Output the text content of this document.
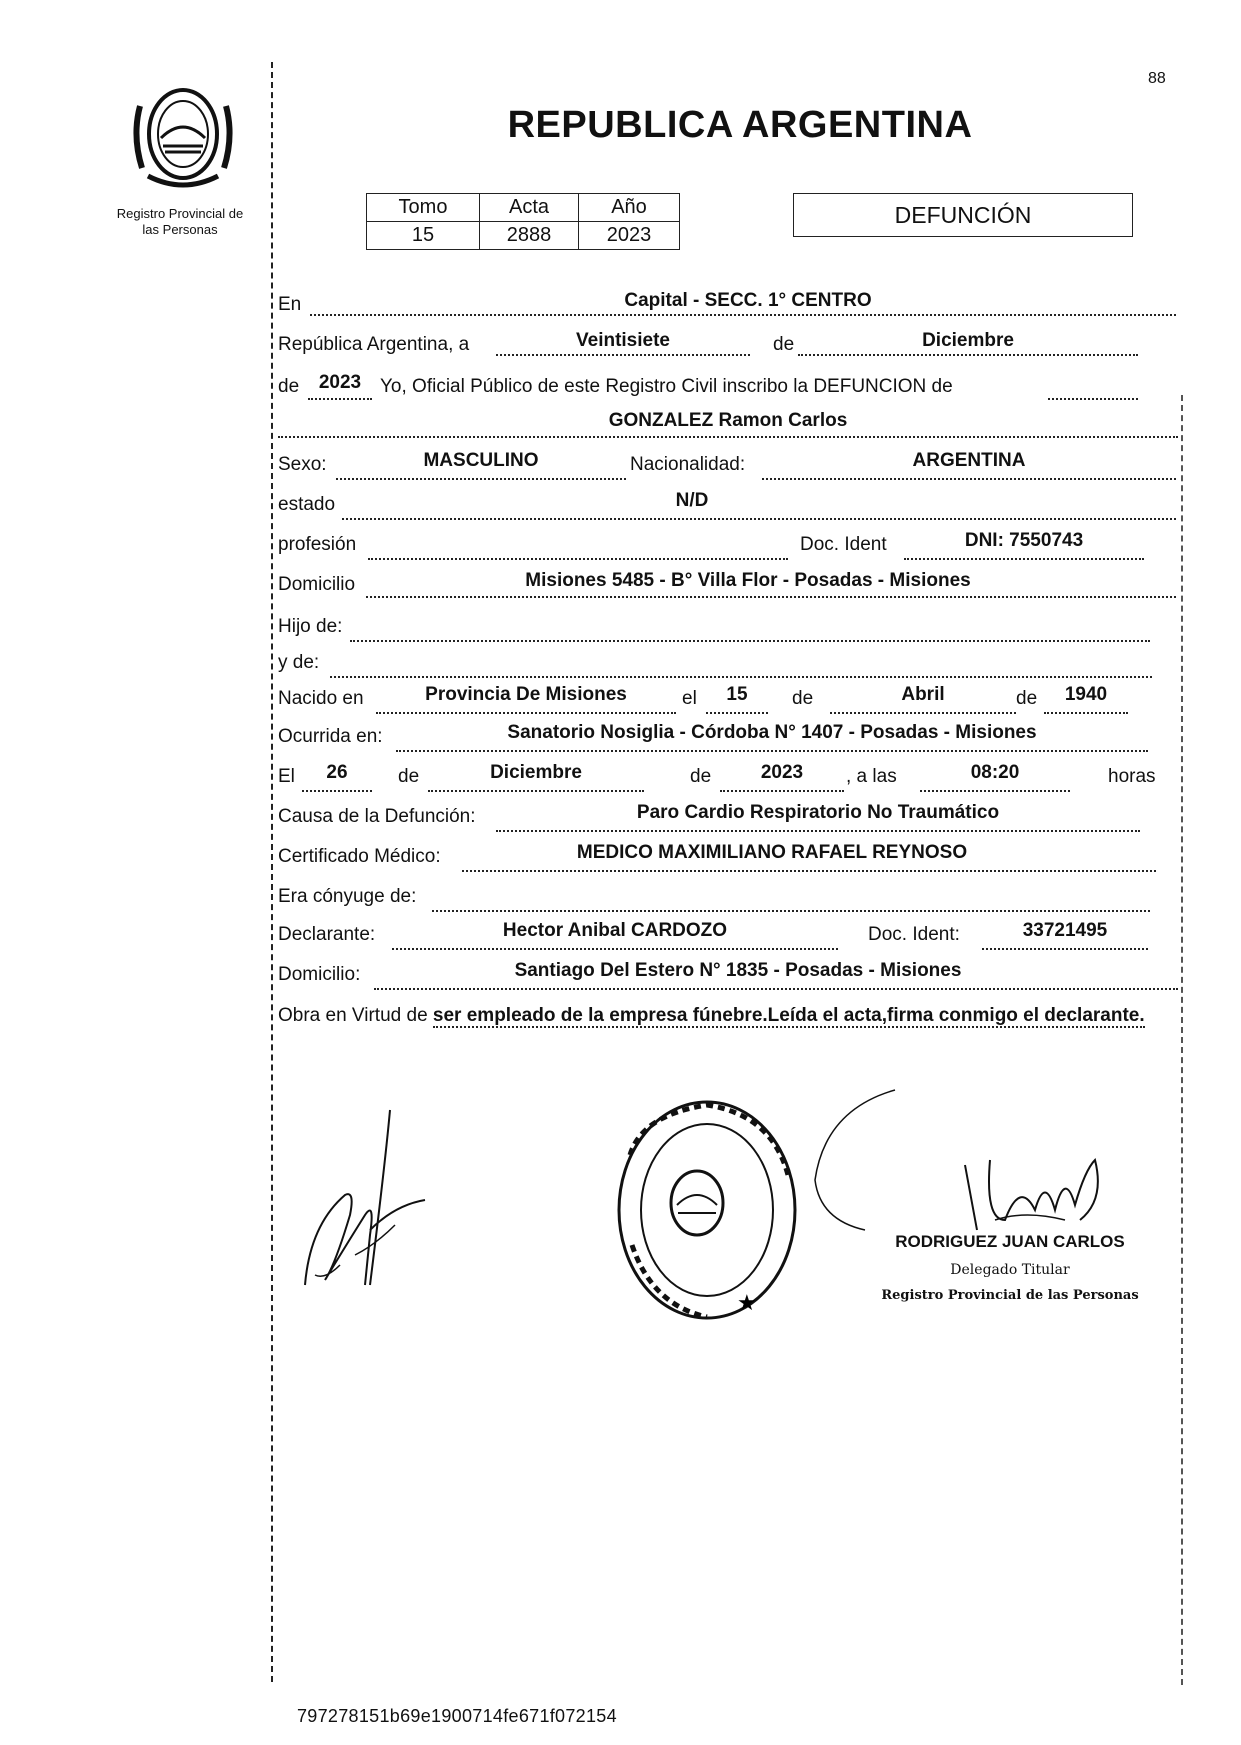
Registro Provincial de
las Personas
88
REPUBLICA ARGENTINA
Tomo	Acta	Año
15	2888	2023
DEFUNCIÓN
En	Capital - SECC. 1° CENTRO
República Argentina, a	Veintisiete	de	Diciembre
de	2023 Yo, Oficial Público de este Registro Civil inscribo la DEFUNCION de
GONZALEZ Ramon Carlos
Sexo:	MASCULINO	Nacionalidad:	ARGENTINA
estado	N/D
profesión	Doc. Ident	DNI: 7550743
Domicilio	Misiones 5485 - B° Villa Flor - Posadas - Misiones
Hijo de:
y de:
Nacido en	Provincia De Misiones	el	15	de	Abril	de	1940
Ocurrida en:	Sanatorio Nosiglia - Córdoba N° 1407 - Posadas - Misiones
El	26	de	Diciembre	de	2023	, a las	08:20	horas
Causa de la Defunción:	Paro Cardio Respiratorio No Traumático
Certificado Médico:	MEDICO MAXIMILIANO RAFAEL REYNOSO
Era cónyuge de:
Declarante:	Hector Anibal CARDOZO	Doc. Ident:	33721495
Domicilio:	Santiago Del Estero N° 1835 - Posadas - Misiones
Obra en Virtud de ser empleado de la empresa fúnebre.Leída el acta,firma conmigo el declarante.
★
RODRIGUEZ JUAN CARLOS
Delegado Titular
Registro Provincial de las Personas
797278151b69e1900714fe671f072154
